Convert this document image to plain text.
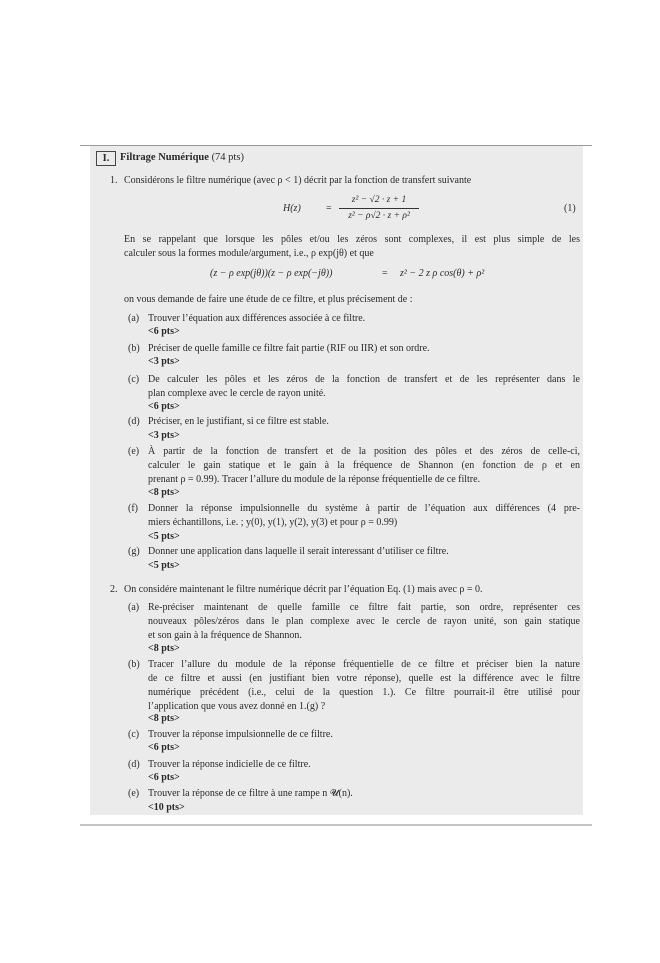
I.	Filtrage Numérique (74 pts)
1. Considérons le filtre numérique (avec ρ < 1) décrit par la fonction de transfert suivante
H(z)	=
z² − √2 · z + 1
z² − ρ√2 · z + ρ²
(1)
En se rappelant que lorsque les pôles et/ou les zéros sont complexes, il est plus simple de les
calculer sous la formes module/argument, i.e., ρ exp(jθ) et que
(z − ρ exp(jθ))(z − ρ exp(−jθ))	= z² − 2 z ρ cos(θ) + ρ²
on vous demande de faire une étude de ce filtre, et plus précisement de :
(a) Trouver l’équation aux différences associée à ce filtre.
<6 pts>
(b) Préciser de quelle famille ce filtre fait partie (RIF ou IIR) et son ordre.
<3 pts>
(c) De calculer les pôles et les zéros de la fonction de transfert et de les représenter dans le
plan complexe avec le cercle de rayon unité.
<6 pts>
(d) Préciser, en le justifiant, si ce filtre est stable.
<3 pts>
(e) À partir de la fonction de transfert et de la position des pôles et des zéros de celle-ci,
calculer le gain statique et le gain à la fréquence de Shannon (en fonction de ρ et en
prenant ρ = 0.99). Tracer l’allure du module de la réponse fréquentielle de ce filtre.
<8 pts>
(f) Donner la réponse impulsionnelle du système à partir de l’équation aux différences (4 pre-
miers échantillons, i.e. ; y(0), y(1), y(2), y(3) et pour ρ = 0.99)
<5 pts>
(g) Donner une application dans laquelle il serait interessant d’utiliser ce filtre.
<5 pts>
2. On considére maintenant le filtre numérique décrit par l’équation Eq. (1) mais avec ρ = 0.
(a) Re-préciser maintenant de quelle famille ce filtre fait partie, son ordre, représenter ces
nouveaux pôles/zéros dans le plan complexe avec le cercle de rayon unité, son gain statique
et son gain à la fréquence de Shannon.
<8 pts>
(b) Tracer l’allure du module de la réponse fréquentielle de ce filtre et préciser bien la nature
de ce filtre et aussi (en justifiant bien votre réponse), quelle est la différence avec le filtre
numérique précédent (i.e., celui de la question 1.). Ce filtre pourrait-il être utilisé pour
l’application que vous avez donné en 1.(g) ?
<8 pts>
(c) Trouver la réponse impulsionnelle de ce filtre.
<6 pts>
(d) Trouver la réponse indicielle de ce filtre.
<6 pts>
(e) Trouver la réponse de ce filtre à une rampe n 𝓤(n).
<10 pts>
